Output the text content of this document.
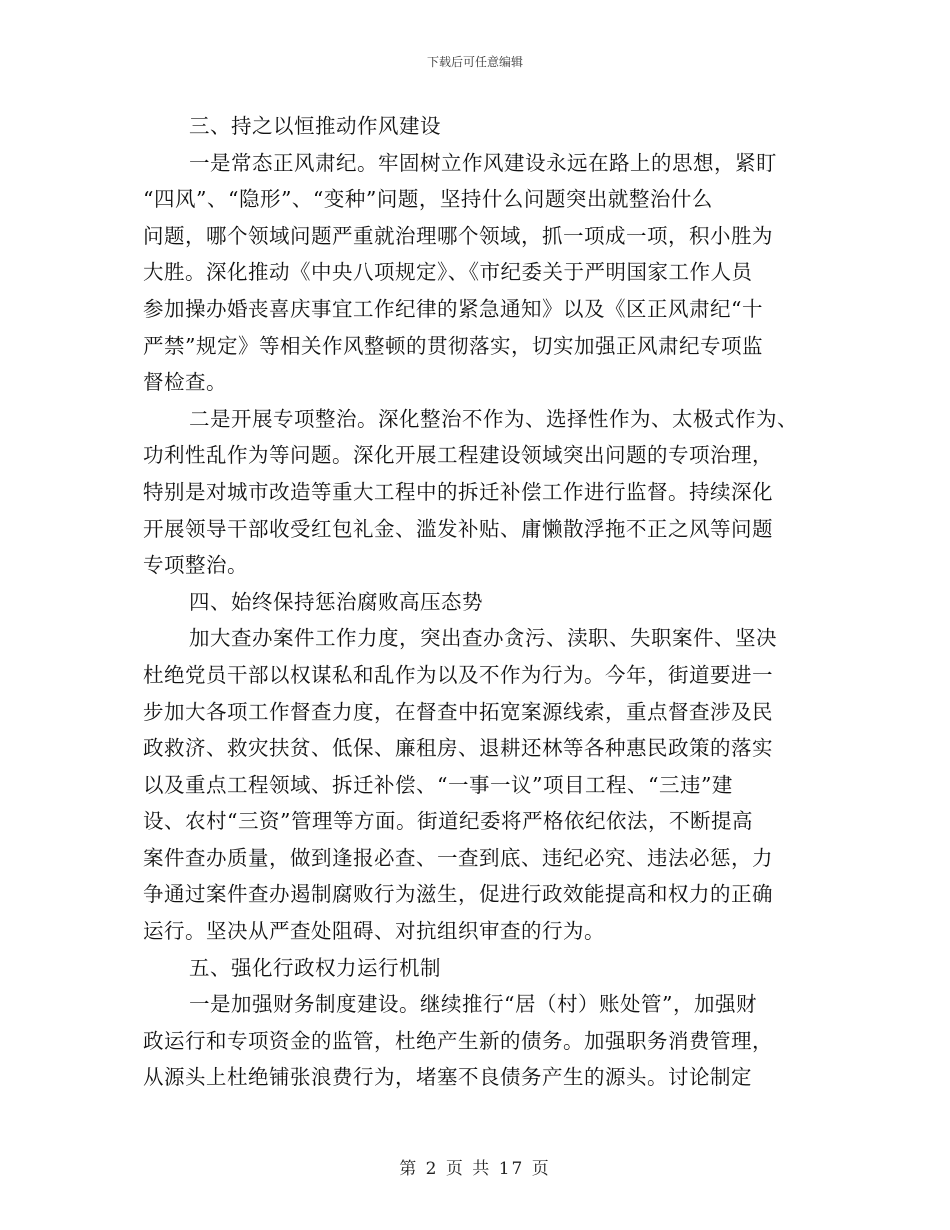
下载后可任意编辑
三、持之以恒推动作风建设
一是常态正风肃纪。牢固树立作风建设永远在路上的思想，紧盯
“四风”、“隐形”、“变种”问题，坚持什么问题突出就整治什么
问题，哪个领域问题严重就治理哪个领域，抓一项成一项，积小胜为
大胜。深化推动《中央八项规定》、《市纪委关于严明国家工作人员
参加操办婚丧喜庆事宜工作纪律的紧急通知》以及《区正风肃纪“十
严禁”规定》等相关作风整顿的贯彻落实，切实加强正风肃纪专项监
督检查。
二是开展专项整治。深化整治不作为、选择性作为、太极式作为、
功利性乱作为等问题。深化开展工程建设领域突出问题的专项治理，
特别是对城市改造等重大工程中的拆迁补偿工作进行监督。持续深化
开展领导干部收受红包礼金、滥发补贴、庸懒散浮拖不正之风等问题
专项整治。
四、始终保持惩治腐败高压态势
加大查办案件工作力度，突出查办贪污、渎职、失职案件、坚决
杜绝党员干部以权谋私和乱作为以及不作为行为。今年，街道要进一
步加大各项工作督查力度，在督查中拓宽案源线索，重点督查涉及民
政救济、救灾扶贫、低保、廉租房、退耕还林等各种惠民政策的落实
以及重点工程领域、拆迁补偿、“一事一议”项目工程、“三违”建
设、农村“三资”管理等方面。街道纪委将严格依纪依法，不断提高
案件查办质量，做到逢报必查、一查到底、违纪必究、违法必惩，力
争通过案件查办遏制腐败行为滋生，促进行政效能提高和权力的正确
运行。坚决从严查处阻碍、对抗组织审查的行为。
五、强化行政权力运行机制
一是加强财务制度建设。继续推行“居（村）账处管”，加强财
政运行和专项资金的监管，杜绝产生新的债务。加强职务消费管理，
从源头上杜绝铺张浪费行为，堵塞不良债务产生的源头。讨论制定
第 2 页 共 17 页
